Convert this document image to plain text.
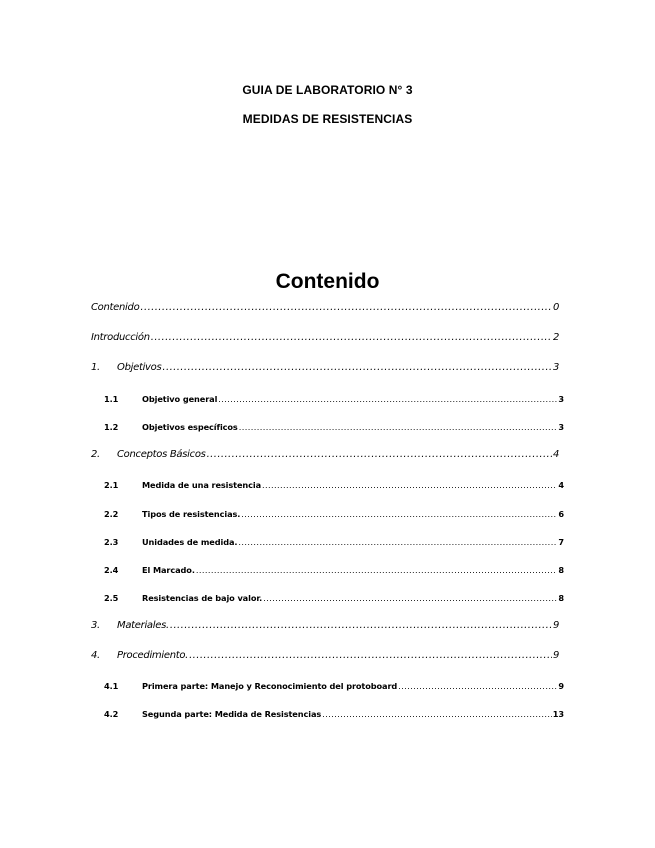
GUIA DE LABORATORIO N° 3
MEDIDAS DE RESISTENCIAS
Contenido
Contenido .....	0
Introducción .....	2
1.	Objetivos .....	3
1.1	Objetivo general .....	3
1.2	Objetivos específicos .....	3
2.	Conceptos Básicos .....	4
2.1	Medida de una resistencia .....	4
2.2	Tipos de resistencias. .....	6
2.3	Unidades de medida. .....	7
2.4	El Marcado. .....	8
2.5	Resistencias de bajo valor. .....	8
3.	Materiales. .....	9
4.	Procedimiento. .....	9
4.1	Primera parte: Manejo y Reconocimiento del protoboard .....	9
4.2	Segunda parte: Medida de Resistencias .....	13
